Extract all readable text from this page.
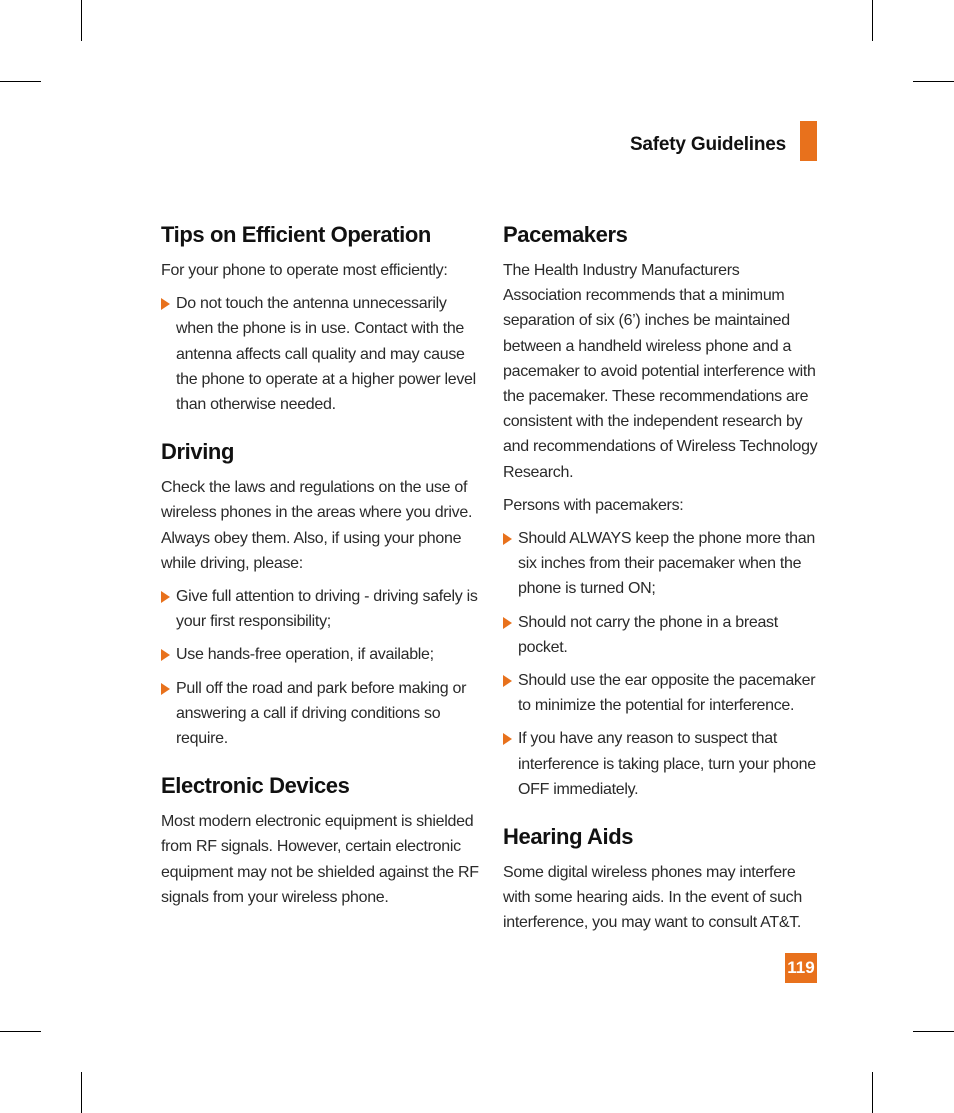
Safety Guidelines
Tips on Efficient Operation

For your phone to operate most efficiently:

Do not touch the antenna unnecessarily when the phone is in use. Contact with the antenna affects call quality and may cause the phone to operate at a higher power level than otherwise needed.
Driving

Check the laws and regulations on the use of wireless phones in the areas where you drive. Always obey them. Also, if using your phone while driving, please:

Give full attention to driving - driving safely is your first responsibility;
Use hands-free operation, if available;
Pull off the road and park before making or answering a call if driving conditions so require.
Electronic Devices

Most modern electronic equipment is shielded from RF signals. However, certain electronic equipment may not be shielded against the RF signals from your wireless phone.

Pacemakers

The Health Industry Manufacturers Association recommends that a minimum separation of six (6’) inches be maintained between a handheld wireless phone and a pacemaker to avoid potential interference with the pacemaker. These recommendations are consistent with the independent research by and recommendations of Wireless Technology Research.

Persons with pacemakers:

Should ALWAYS keep the phone more than six inches from their pacemaker when the phone is turned ON;
Should not carry the phone in a breast pocket.
Should use the ear opposite the pacemaker to minimize the potential for interference.
If you have any reason to suspect that interference is taking place, turn your phone OFF immediately.
Hearing Aids

Some digital wireless phones may interfere with some hearing aids. In the event of such interference, you may want to consult AT&T.

119
